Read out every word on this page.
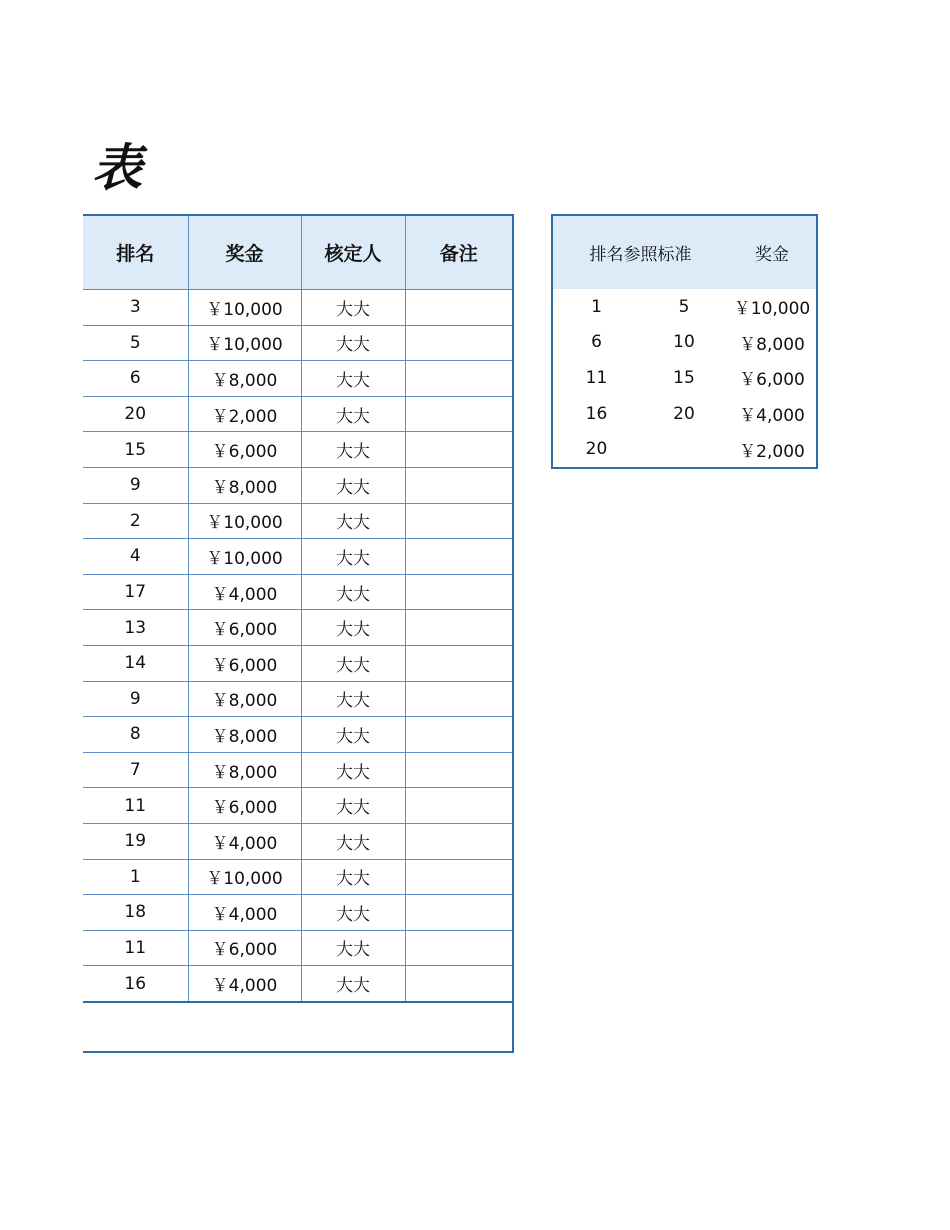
表
排名	奖金	核定人	备注
3	￥10,000	大大	
5	￥10,000	大大	
6	￥8,000	大大	
20	￥2,000	大大	
15	￥6,000	大大	
9	￥8,000	大大	
2	￥10,000	大大	
4	￥10,000	大大	
17	￥4,000	大大	
13	￥6,000	大大	
14	￥6,000	大大	
9	￥8,000	大大	
8	￥8,000	大大	
7	￥8,000	大大	
11	￥6,000	大大	
19	￥4,000	大大	
1	￥10,000	大大	
18	￥4,000	大大	
11	￥6,000	大大	
16	￥4,000	大大	

排名参照标准		奖金
1	5	￥10,000
6	10	￥8,000
11	15	￥6,000
16	20	￥4,000
20		￥2,000
